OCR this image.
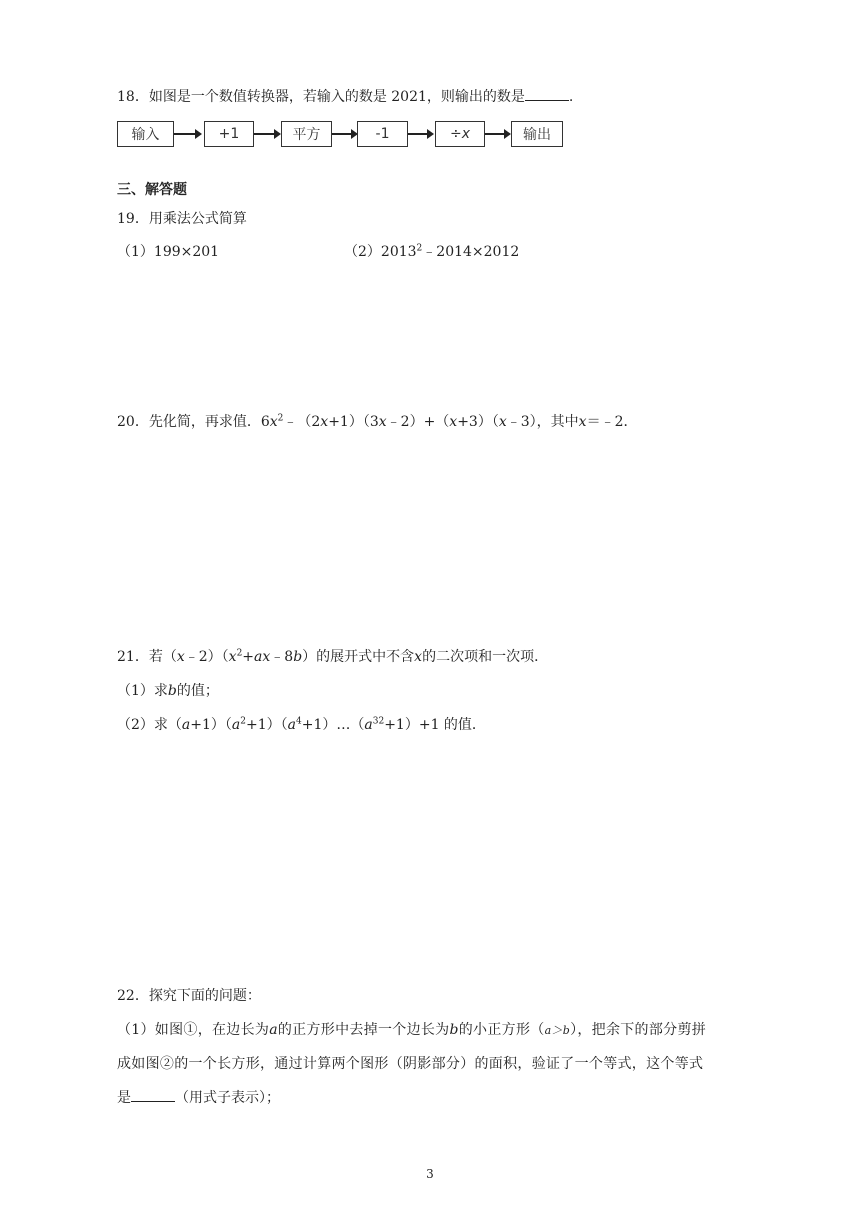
18．如图是一个数值转换器，若输入的数是 2021，则输出的数是	.
输入	+1	平方	-1	÷x	输出
三、解答题
19．用乘法公式简算
（1）199×201	$(2)2013^2﹣2014\times 2012$
20．先化简，再求值．$6x^2﹣(2x+1)(3x﹣2)+(x+3)(x﹣3)$，其中x＝﹣2．
21．若$(x﹣2)(x^2+ax﹣8b)$的展开式中不含x的二次项和一次项．
（1）求b的值；
（2）求$(a+1)(a^2+1)(a^4+1)\dots(a^{32}+1)+1$ 的值．
22．探究下面的问题：
（1）如图①，在边长为a的正方形中去掉一个边长为b的小正方形（a＞b），把余下的部分剪拼
成如图②的一个长方形，通过计算两个图形（阴影部分）的面积，验证了一个等式，这个等式
是	（用式子表示）；
3
